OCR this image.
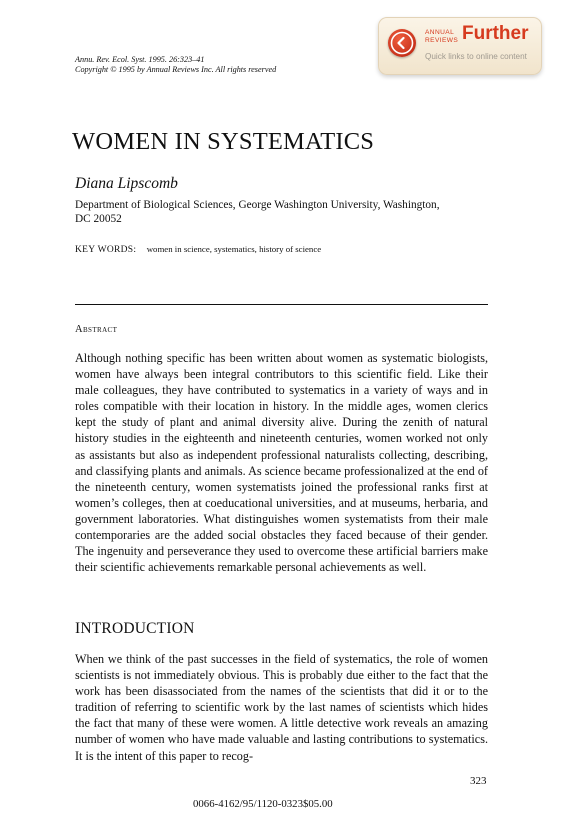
Annu. Rev. Ecol. Syst. 1995. 26:323–41
Copyright © 1995 by Annual Reviews Inc. All rights reserved
ANNUAL
REVIEWS Further
Quick links to online content
WOMEN IN SYSTEMATICS
Diana Lipscomb
Department of Biological Sciences, George Washington University, Washington, DC 20052
KEY WORDS: women in science, systematics, history of science
Abstract
Although nothing specific has been written about women as systematic biologists, women have always been integral contributors to this scientific field. Like their male colleagues, they have contributed to systematics in a variety of ways and in roles compatible with their location in history. In the middle ages, women clerics kept the study of plant and animal diversity alive. During the zenith of natural history studies in the eighteenth and nineteenth centuries, women worked not only as assistants but also as independent professional naturalists collecting, describing, and classifying plants and animals. As science became professionalized at the end of the nineteenth century, women systematists joined the professional ranks first at women’s colleges, then at coeducational universities, and at museums, herbaria, and government laboratories. What distinguishes women systematists from their male contemporaries are the added social obstacles they faced because of their gender. The ingenuity and perseverance they used to overcome these artificial barriers make their scientific achievements remarkable personal achievements as well.
INTRODUCTION
When we think of the past successes in the field of systematics, the role of women scientists is not immediately obvious. This is probably due either to the fact that the work has been disassociated from the names of the scientists that did it or to the tradition of referring to scientific work by the last names of scientists which hides the fact that many of these were women. A little detective work reveals an amazing number of women who have made valuable and lasting contributions to systematics. It is the intent of this paper to recog-
323
0066-4162/95/1120-0323$05.00
